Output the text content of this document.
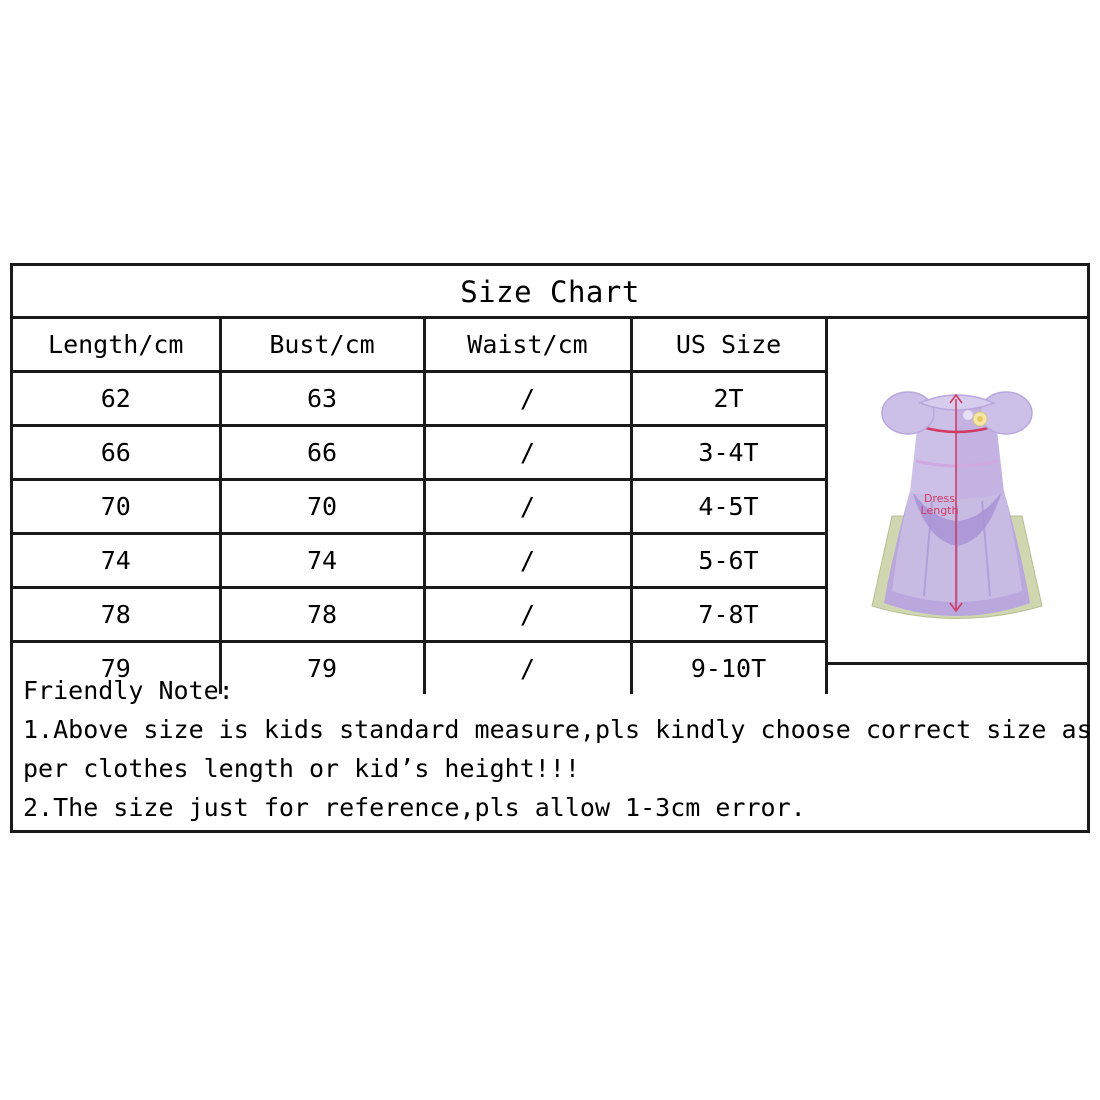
Size Chart
Length/cm	Bust/cm	Waist/cm	US Size
62	63	/	2T
66	66	/	3-4T
70	70	/	4-5T
74	74	/	5-6T
78	78	/	7-8T
79	79	/	9-10T
Dress Length
Friendly Note:
1.Above size is kids standard measure,pls kindly choose correct size as
per clothes length or kid’s height!!!
2.The size just for reference,pls allow 1-3cm error.
